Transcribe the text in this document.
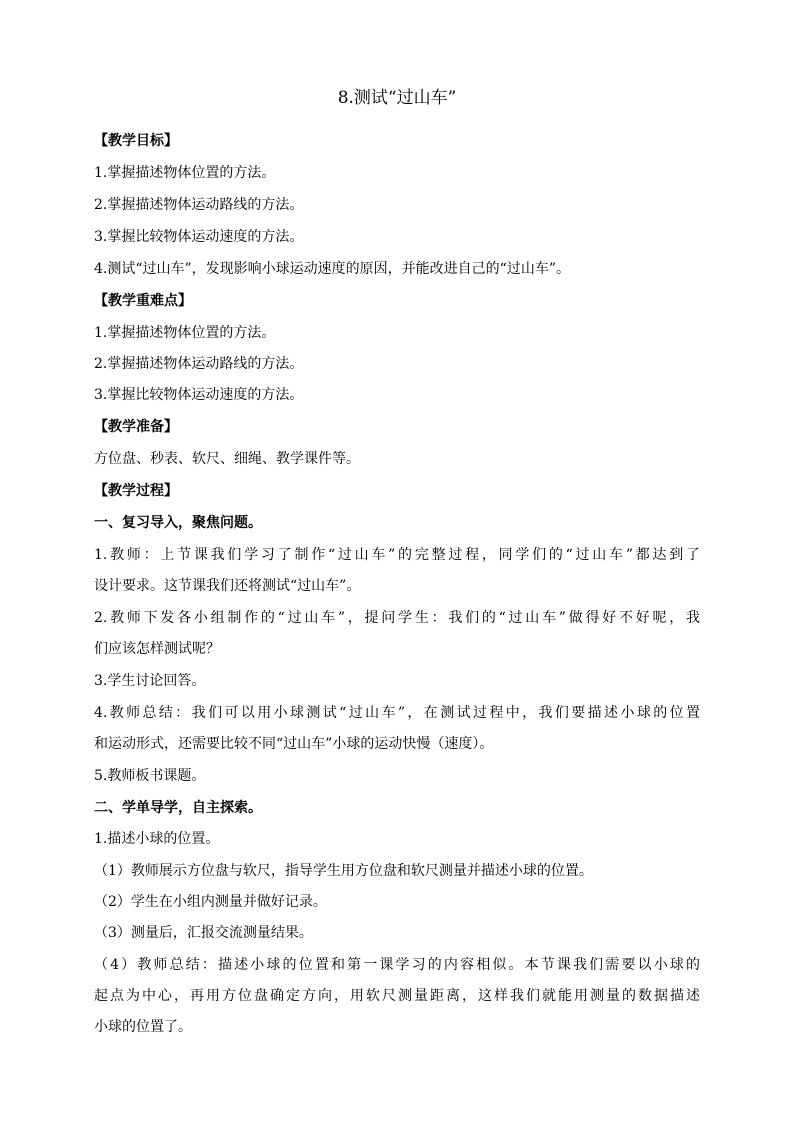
8.测试“过山车”
【教学目标】
1.掌握描述物体位置的方法。
2.掌握描述物体运动路线的方法。
3.掌握比较物体运动速度的方法。
4.测试“过山车”，发现影响小球运动速度的原因，并能改进自己的“过山车”。
【教学重难点】
1.掌握描述物体位置的方法。
2.掌握描述物体运动路线的方法。
3.掌握比较物体运动速度的方法。
【教学准备】
方位盘、秒表、软尺、细绳、教学课件等。
【教学过程】
一、复习导入，聚焦问题。
1.教师：上节课我们学习了制作“过山车”的完整过程，同学们的“过山车”都达到了
设计要求。这节课我们还将测试“过山车”。
2.教师下发各小组制作的“过山车”，提问学生：我们的“过山车”做得好不好呢，我
们应该怎样测试呢？
3.学生讨论回答。
4.教师总结：我们可以用小球测试“过山车”，在测试过程中，我们要描述小球的位置
和运动形式，还需要比较不同“过山车”小球的运动快慢（速度）。
5.教师板书课题。
二、学单导学，自主探索。
1.描述小球的位置。
（1）教师展示方位盘与软尺，指导学生用方位盘和软尺测量并描述小球的位置。
（2）学生在小组内测量并做好记录。
（3）测量后，汇报交流测量结果。
（4）教师总结：描述小球的位置和第一课学习的内容相似。本节课我们需要以小球的
起点为中心，再用方位盘确定方向，用软尺测量距离，这样我们就能用测量的数据描述
小球的位置了。
